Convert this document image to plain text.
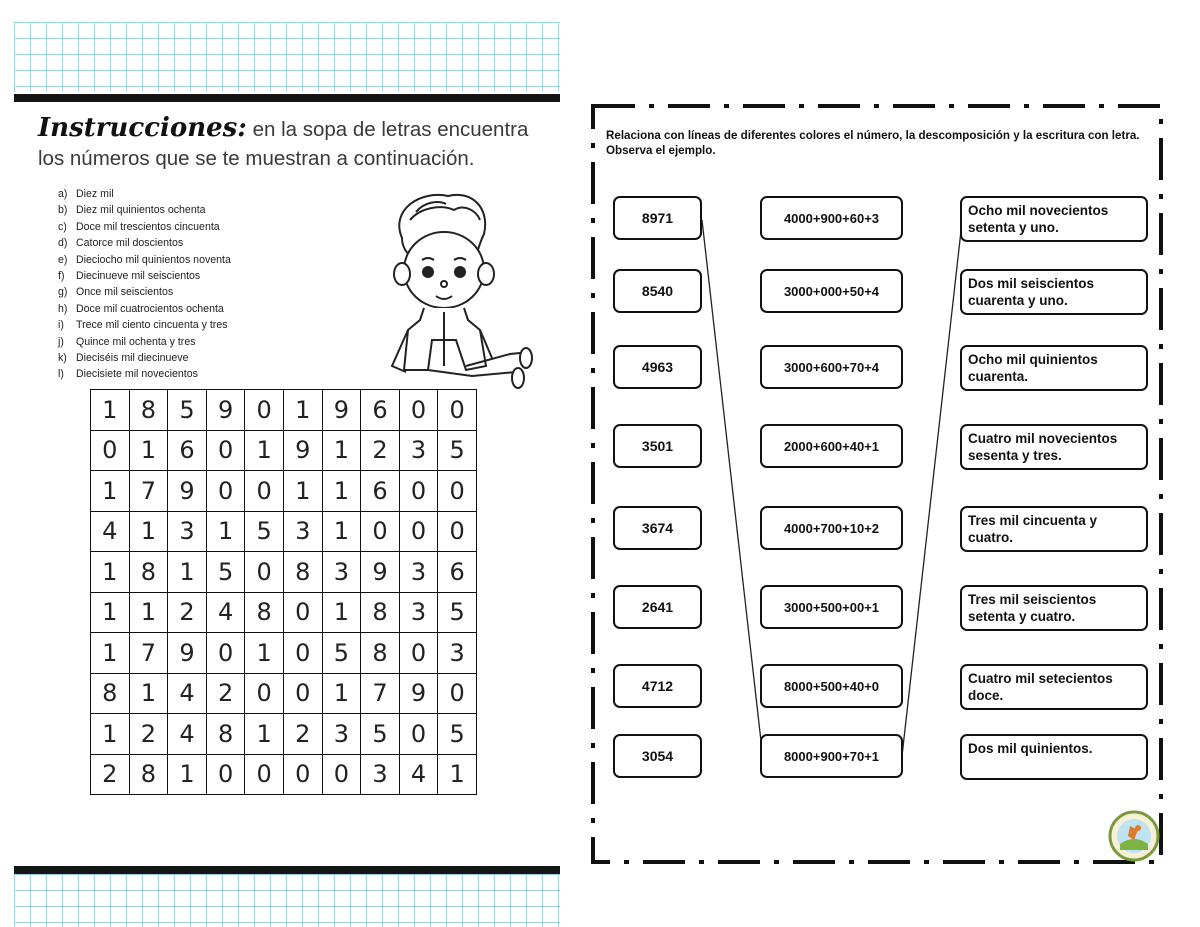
Instrucciones: en la sopa de letras encuentra los números que se te muestran a continuación.
a) Diez mil
b) Diez mil quinientos ochenta
c) Doce mil trescientos cincuenta
d) Catorce mil doscientos
e) Dieciocho mil quinientos noventa
f)	Diecinueve mil seiscientos
g) Once mil seiscientos
h) Doce mil cuatrocientos ochenta
i)	Trece mil ciento cincuenta y tres
j)	Quince mil ochenta y tres
k) Dieciséis mil diecinueve
l)	Diecisiete mil novecientos
1	8	5	9	0	1	9	6	0	0
0	1	6	0	1	9	1	2	3	5
1	7	9	0	0	1	1	6	0	0
4	1	3	1	5	3	1	0	0	0
1	8	1	5	0	8	3	9	3	6
1	1	2	4	8	0	1	8	3	5
1	7	9	0	1	0	5	8	0	3
8	1	4	2	0	0	1	7	9	0
1	2	4	8	1	2	3	5	0	5
2	8	1	0	0	0	0	3	4	1
Relaciona con líneas de diferentes colores el número, la descomposición y la escritura con letra. Observa el ejemplo.
8971
8540
4963
3501
3674
2641
4712
3054
4000+900+60+3
3000+000+50+4
3000+600+70+4
2000+600+40+1
4000+700+10+2
3000+500+00+1
8000+500+40+0
8000+900+70+1
Ocho mil novecientos setenta y uno.
Dos mil seiscientos cuarenta y uno.
Ocho mil quinientos cuarenta.
Cuatro mil novecientos sesenta y tres.
Tres mil cincuenta y cuatro.
Tres mil seiscientos setenta y cuatro.
Cuatro mil setecientos doce.
Dos mil quinientos.
